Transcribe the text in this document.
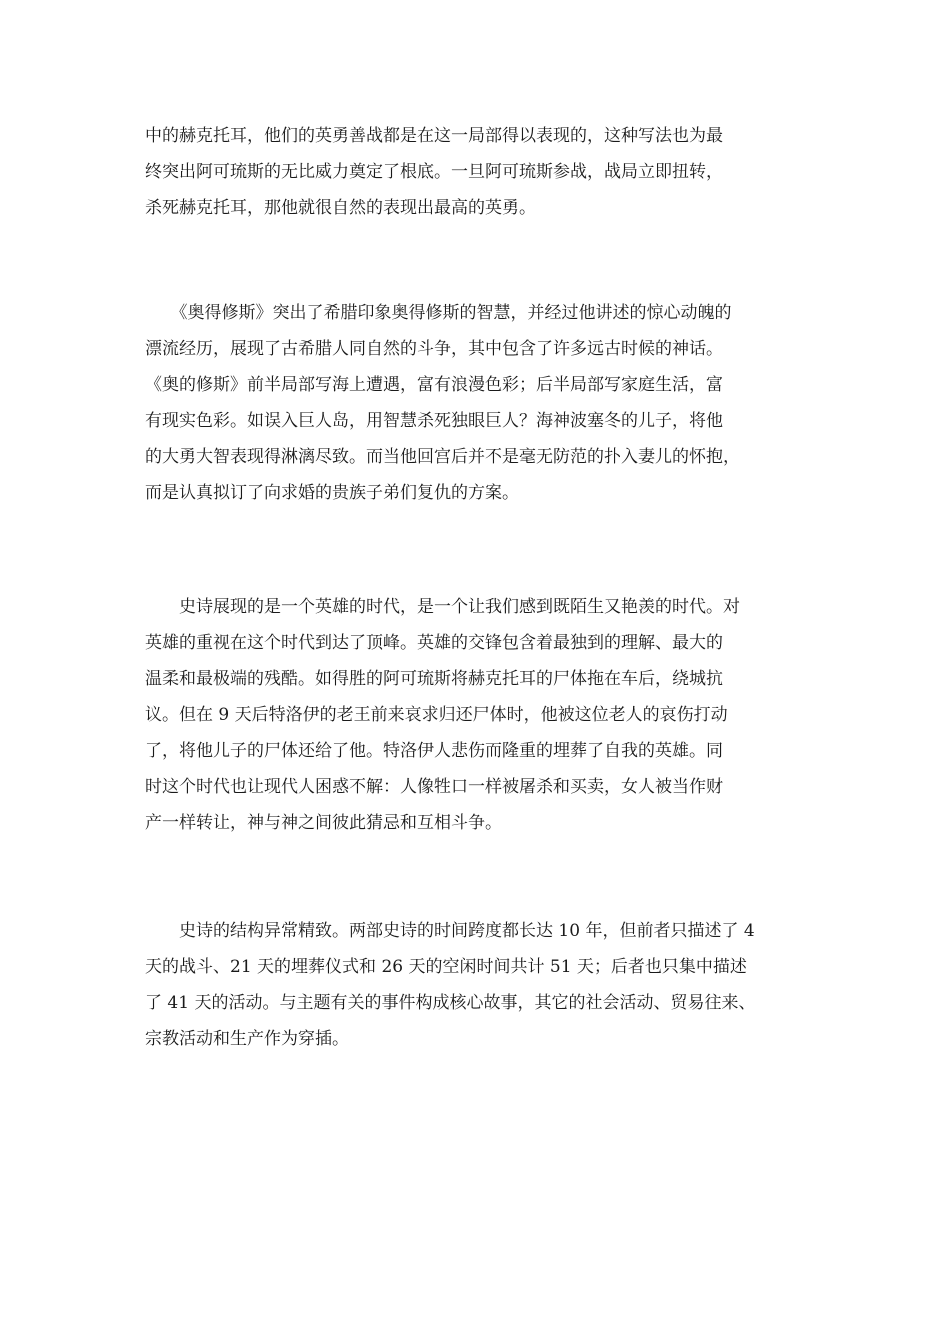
中的赫克托耳，他们的英勇善战都是在这一局部得以表现的，这种写法也为最
终突出阿可琉斯的无比威力奠定了根底。一旦阿可琉斯参战，战局立即扭转，
杀死赫克托耳，那他就很自然的表现出最高的英勇。
　　《奥得修斯》突出了希腊印象奥得修斯的智慧，并经过他讲述的惊心动魄的
漂流经历，展现了古希腊人同自然的斗争，其中包含了许多远古时候的神话。
《奥的修斯》前半局部写海上遭遇，富有浪漫色彩；后半局部写家庭生活，富
有现实色彩。如误入巨人岛，用智慧杀死独眼巨人？海神波塞冬的儿子，将他
的大勇大智表现得淋漓尽致。而当他回宫后并不是毫无防范的扑入妻儿的怀抱，
而是认真拟订了向求婚的贵族子弟们复仇的方案。
　　史诗展现的是一个英雄的时代，是一个让我们感到既陌生又艳羡的时代。对
英雄的重视在这个时代到达了顶峰。英雄的交锋包含着最独到的理解、最大的
温柔和最极端的残酷。如得胜的阿可琉斯将赫克托耳的尸体拖在车后，绕城抗
议。但在 9 天后特洛伊的老王前来哀求归还尸体时，他被这位老人的哀伤打动
了，将他儿子的尸体还给了他。特洛伊人悲伤而隆重的埋葬了自我的英雄。同
时这个时代也让现代人困惑不解：人像牲口一样被屠杀和买卖，女人被当作财
产一样转让，神与神之间彼此猜忌和互相斗争。
　　史诗的结构异常精致。两部史诗的时间跨度都长达 10 年，但前者只描述了 4
天的战斗、21 天的埋葬仪式和 26 天的空闲时间共计 51 天；后者也只集中描述
了 41 天的活动。与主题有关的事件构成核心故事，其它的社会活动、贸易往来、
宗教活动和生产作为穿插。
